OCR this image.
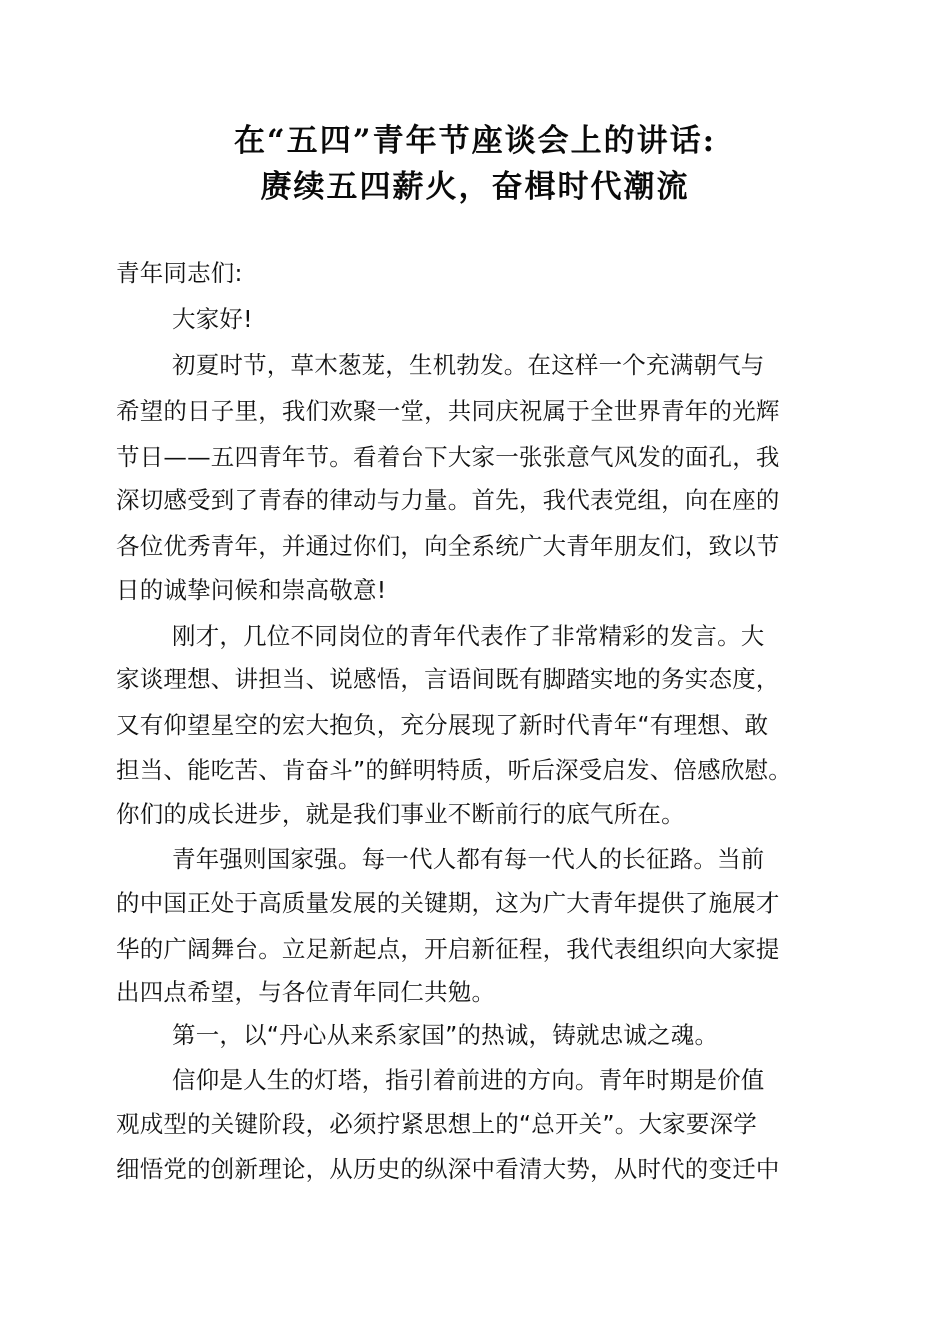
在“五四”青年节座谈会上的讲话:
赓续五四薪火，奋楫时代潮流
青年同志们:
大家好!
初夏时节，草木葱茏，生机勃发。在这样一个充满朝气与
希望的日子里，我们欢聚一堂，共同庆祝属于全世界青年的光辉
节日——五四青年节。看着台下大家一张张意气风发的面孔，我
深切感受到了青春的律动与力量。首先，我代表党组，向在座的
各位优秀青年，并通过你们，向全系统广大青年朋友们，致以节
日的诚挚问候和崇高敬意!
刚才，几位不同岗位的青年代表作了非常精彩的发言。大
家谈理想、讲担当、说感悟，言语间既有脚踏实地的务实态度，
又有仰望星空的宏大抱负，充分展现了新时代青年“有理想、敢
担当、能吃苦、肯奋斗”的鲜明特质，听后深受启发、倍感欣慰。
你们的成长进步，就是我们事业不断前行的底气所在。
青年强则国家强。每一代人都有每一代人的长征路。当前
的中国正处于高质量发展的关键期，这为广大青年提供了施展才
华的广阔舞台。立足新起点，开启新征程，我代表组织向大家提
出四点希望，与各位青年同仁共勉。
第一，以“丹心从来系家国”的热诚，铸就忠诚之魂。
信仰是人生的灯塔，指引着前进的方向。青年时期是价值
观成型的关键阶段，必须拧紧思想上的“总开关”。大家要深学
细悟党的创新理论，从历史的纵深中看清大势，从时代的变迁中
